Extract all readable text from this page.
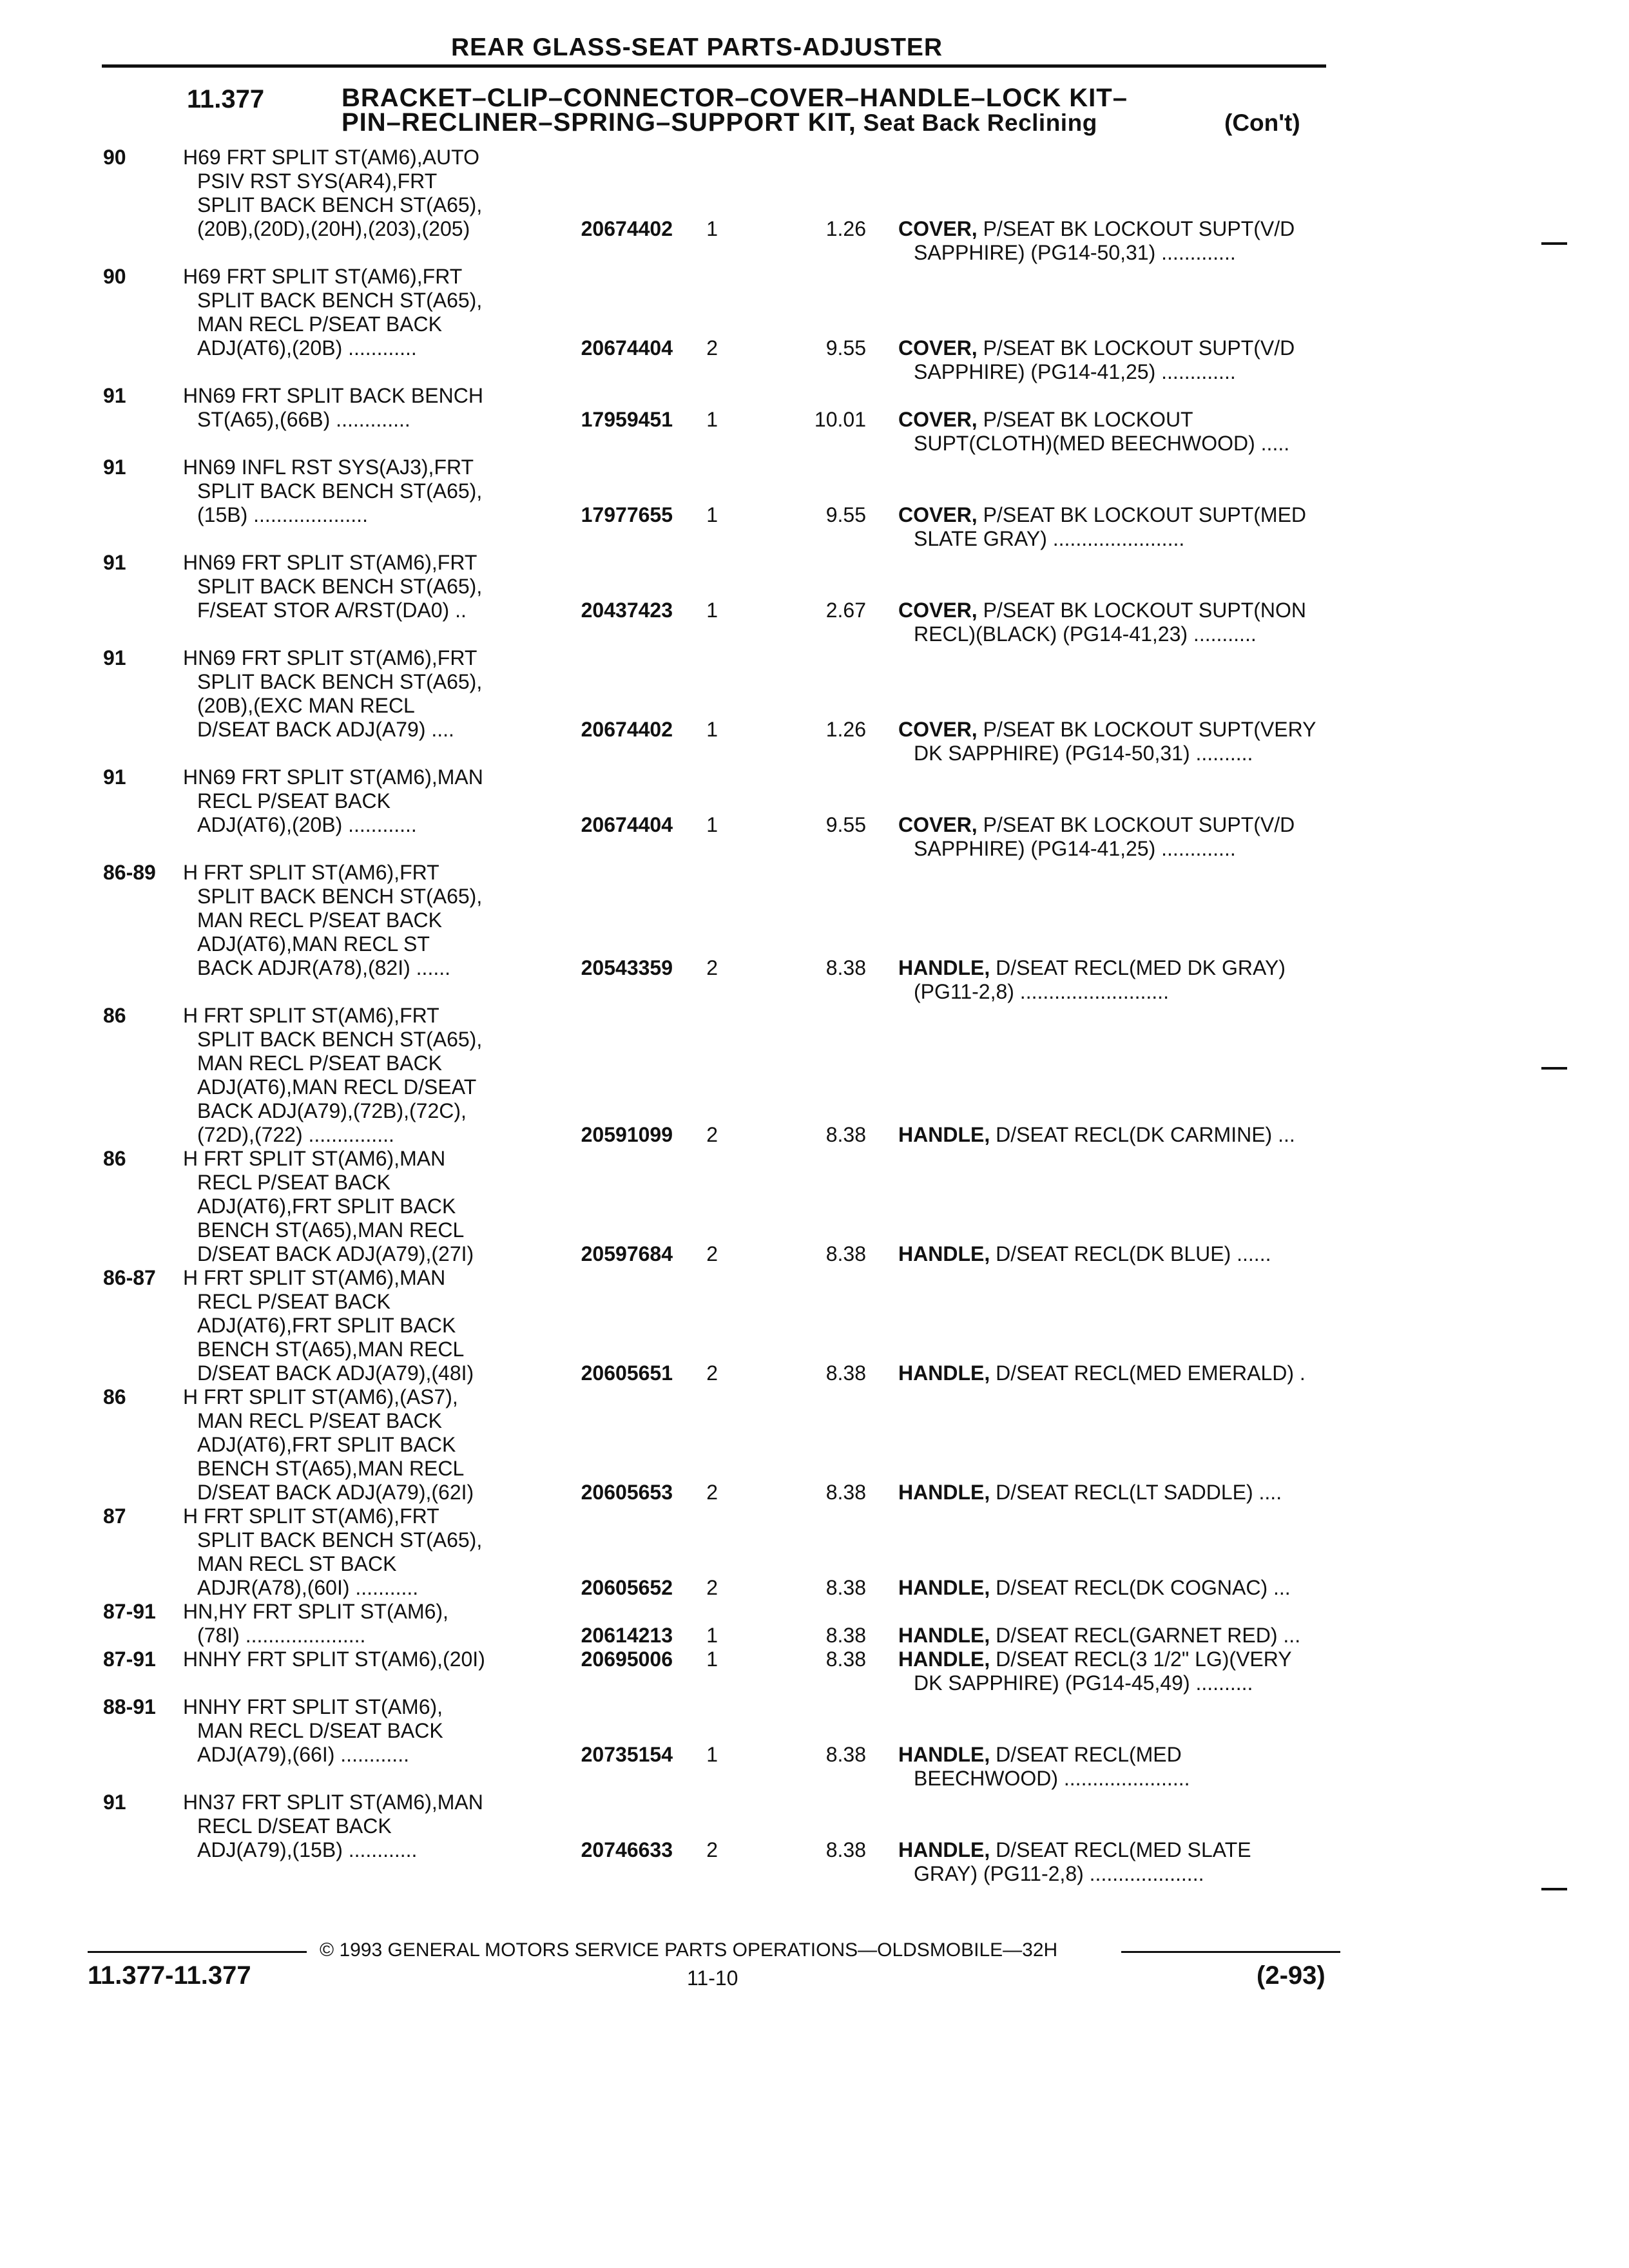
REAR GLASS-SEAT PARTS-ADJUSTER
11.377	BRACKET–CLIP–CONNECTOR–COVER–HANDLE–LOCK KIT–
PIN–RECLINER–SPRING–SUPPORT KIT, Seat Back Reclining	(Con't)
90	H69 FRT SPLIT ST(AM6),AUTO
PSIV RST SYS(AR4),FRT
SPLIT BACK BENCH ST(A65),
(20B),(20D),(20H),(203),(205)	20674402	1	1.26 COVER, P/SEAT BK LOCKOUT SUPT(V/D
SAPPHIRE) (PG14-50,31) .............
90	H69 FRT SPLIT ST(AM6),FRT
SPLIT BACK BENCH ST(A65),
MAN RECL P/SEAT BACK
ADJ(AT6),(20B) ............	20674404	2	9.55 COVER, P/SEAT BK LOCKOUT SUPT(V/D
SAPPHIRE) (PG14-41,25) .............
91	HN69 FRT SPLIT BACK BENCH
ST(A65),(66B) .............	17959451	1	10.01 COVER, P/SEAT BK LOCKOUT
SUPT(CLOTH)(MED BEECHWOOD) .....
91	HN69 INFL RST SYS(AJ3),FRT
SPLIT BACK BENCH ST(A65),
(15B) ....................	17977655	1	9.55 COVER, P/SEAT BK LOCKOUT SUPT(MED
SLATE GRAY) .......................
91	HN69 FRT SPLIT ST(AM6),FRT
SPLIT BACK BENCH ST(A65),
F/SEAT STOR A/RST(DA0) ..	20437423	1	2.67 COVER, P/SEAT BK LOCKOUT SUPT(NON
RECL)(BLACK) (PG14-41,23) ...........
91	HN69 FRT SPLIT ST(AM6),FRT
SPLIT BACK BENCH ST(A65),
(20B),(EXC MAN RECL
D/SEAT BACK ADJ(A79) ....	20674402	1	1.26 COVER, P/SEAT BK LOCKOUT SUPT(VERY
DK SAPPHIRE) (PG14-50,31) ..........
91	HN69 FRT SPLIT ST(AM6),MAN
RECL P/SEAT BACK
ADJ(AT6),(20B) ............	20674404	1	9.55 COVER, P/SEAT BK LOCKOUT SUPT(V/D
SAPPHIRE) (PG14-41,25) .............
86-89	H FRT SPLIT ST(AM6),FRT
SPLIT BACK BENCH ST(A65),
MAN RECL P/SEAT BACK
ADJ(AT6),MAN RECL ST
BACK ADJR(A78),(82I) ......	20543359	2	8.38 HANDLE, D/SEAT RECL(MED DK GRAY)
(PG11-2,8) ..........................
86	H FRT SPLIT ST(AM6),FRT
SPLIT BACK BENCH ST(A65),
MAN RECL P/SEAT BACK
ADJ(AT6),MAN RECL D/SEAT
BACK ADJ(A79),(72B),(72C),
(72D),(722) ...............	20591099	2	8.38 HANDLE, D/SEAT RECL(DK CARMINE) ...
86	H FRT SPLIT ST(AM6),MAN
RECL P/SEAT BACK
ADJ(AT6),FRT SPLIT BACK
BENCH ST(A65),MAN RECL
D/SEAT BACK ADJ(A79),(27I)	20597684	2	8.38 HANDLE, D/SEAT RECL(DK BLUE) ......
86-87	H FRT SPLIT ST(AM6),MAN
RECL P/SEAT BACK
ADJ(AT6),FRT SPLIT BACK
BENCH ST(A65),MAN RECL
D/SEAT BACK ADJ(A79),(48I)	20605651	2	8.38 HANDLE, D/SEAT RECL(MED EMERALD) .
86	H FRT SPLIT ST(AM6),(AS7),
MAN RECL P/SEAT BACK
ADJ(AT6),FRT SPLIT BACK
BENCH ST(A65),MAN RECL
D/SEAT BACK ADJ(A79),(62I)	20605653	2	8.38 HANDLE, D/SEAT RECL(LT SADDLE) ....
87	H FRT SPLIT ST(AM6),FRT
SPLIT BACK BENCH ST(A65),
MAN RECL ST BACK
ADJR(A78),(60I) ...........	20605652	2	8.38 HANDLE, D/SEAT RECL(DK COGNAC) ...
87-91	HN,HY FRT SPLIT ST(AM6),
(78I) .....................	20614213	1	8.38 HANDLE, D/SEAT RECL(GARNET RED) ...
87-91	HNHY FRT SPLIT ST(AM6),(20I)	20695006	1	8.38 HANDLE, D/SEAT RECL(3 1/2" LG)(VERY
DK SAPPHIRE) (PG14-45,49) ..........
88-91	HNHY FRT SPLIT ST(AM6),
MAN RECL D/SEAT BACK
ADJ(A79),(66I) ............	20735154	1	8.38 HANDLE, D/SEAT RECL(MED
BEECHWOOD) ......................
91	HN37 FRT SPLIT ST(AM6),MAN
RECL D/SEAT BACK
ADJ(A79),(15B) ............	20746633	2	8.38 HANDLE, D/SEAT RECL(MED SLATE
GRAY) (PG11-2,8) ....................
© 1993 GENERAL MOTORS SERVICE PARTS OPERATIONS—OLDSMOBILE—32H
11.377-11.377	11-10	(2-93)
